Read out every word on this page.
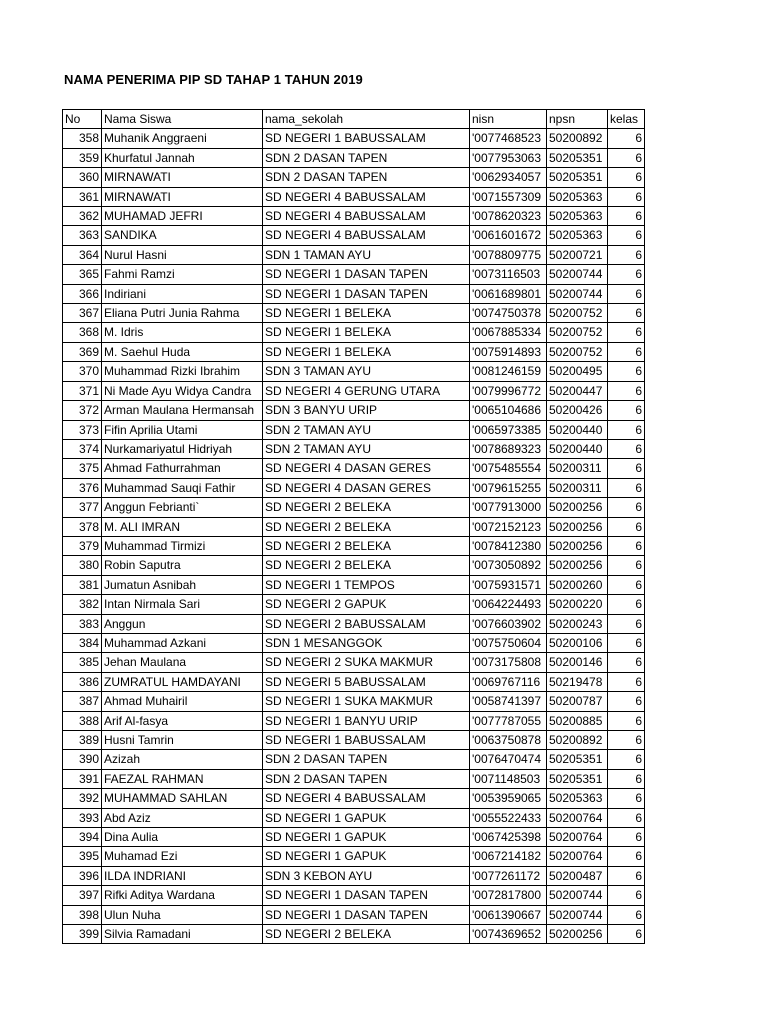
NAMA PENERIMA PIP SD TAHAP 1 TAHUN 2019
No	Nama Siswa	nama_sekolah	nisn	npsn	kelas
358	Muhanik Anggraeni	SD NEGERI 1 BABUSSALAM	'0077468523	50200892	6
359	Khurfatul Jannah	SDN 2 DASAN TAPEN	'0077953063	50205351	6
360	MIRNAWATI	SDN 2 DASAN TAPEN	'0062934057	50205351	6
361	MIRNAWATI	SD NEGERI 4 BABUSSALAM	'0071557309	50205363	6
362	MUHAMAD JEFRI	SD NEGERI 4 BABUSSALAM	'0078620323	50205363	6
363	SANDIKA	SD NEGERI 4 BABUSSALAM	'0061601672	50205363	6
364	Nurul Hasni	SDN 1 TAMAN AYU	'0078809775	50200721	6
365	Fahmi Ramzi	SD NEGERI 1 DASAN TAPEN	'0073116503	50200744	6
366	Indiriani	SD NEGERI 1 DASAN TAPEN	'0061689801	50200744	6
367	Eliana Putri Junia Rahma	SD NEGERI 1 BELEKA	'0074750378	50200752	6
368	M. Idris	SD NEGERI 1 BELEKA	'0067885334	50200752	6
369	M. Saehul Huda	SD NEGERI 1 BELEKA	'0075914893	50200752	6
370	Muhammad Rizki Ibrahim	SDN 3 TAMAN AYU	'0081246159	50200495	6
371	Ni Made Ayu Widya Candra	SD NEGERI 4 GERUNG UTARA	'0079996772	50200447	6
372	Arman Maulana Hermansah	SDN 3 BANYU URIP	'0065104686	50200426	6
373	Fifin Aprilia Utami	SDN 2 TAMAN AYU	'0065973385	50200440	6
374	Nurkamariyatul Hidriyah	SDN 2 TAMAN AYU	'0078689323	50200440	6
375	Ahmad Fathurrahman	SD NEGERI 4 DASAN GERES	'0075485554	50200311	6
376	Muhammad Sauqi Fathir	SD NEGERI 4 DASAN GERES	'0079615255	50200311	6
377	Anggun Febrianti`	SD NEGERI 2 BELEKA	'0077913000	50200256	6
378	M. ALI IMRAN	SD NEGERI 2 BELEKA	'0072152123	50200256	6
379	Muhammad Tirmizi	SD NEGERI 2 BELEKA	'0078412380	50200256	6
380	Robin Saputra	SD NEGERI 2 BELEKA	'0073050892	50200256	6
381	Jumatun Asnibah	SD NEGERI 1 TEMPOS	'0075931571	50200260	6
382	Intan Nirmala Sari	SD NEGERI 2 GAPUK	'0064224493	50200220	6
383	Anggun	SD NEGERI 2 BABUSSALAM	'0076603902	50200243	6
384	Muhammad Azkani	SDN 1 MESANGGOK	'0075750604	50200106	6
385	Jehan Maulana	SD NEGERI 2 SUKA MAKMUR	'0073175808	50200146	6
386	ZUMRATUL HAMDAYANI	SD NEGERI 5 BABUSSALAM	'0069767116	50219478	6
387	Ahmad Muhairil	SD NEGERI 1 SUKA MAKMUR	'0058741397	50200787	6
388	Arif Al-fasya	SD NEGERI 1 BANYU URIP	'0077787055	50200885	6
389	Husni Tamrin	SD NEGERI 1 BABUSSALAM	'0063750878	50200892	6
390	Azizah	SDN 2 DASAN TAPEN	'0076470474	50205351	6
391	FAEZAL RAHMAN	SDN 2 DASAN TAPEN	'0071148503	50205351	6
392	MUHAMMAD SAHLAN	SD NEGERI 4 BABUSSALAM	'0053959065	50205363	6
393	Abd Aziz	SD NEGERI 1 GAPUK	'0055522433	50200764	6
394	Dina Aulia	SD NEGERI 1 GAPUK	'0067425398	50200764	6
395	Muhamad Ezi	SD NEGERI 1 GAPUK	'0067214182	50200764	6
396	ILDA INDRIANI	SDN 3 KEBON AYU	'0077261172	50200487	6
397	Rifki Aditya Wardana	SD NEGERI 1 DASAN TAPEN	'0072817800	50200744	6
398	Ulun Nuha	SD NEGERI 1 DASAN TAPEN	'0061390667	50200744	6
399	Silvia Ramadani	SD NEGERI 2 BELEKA	'0074369652	50200256	6
